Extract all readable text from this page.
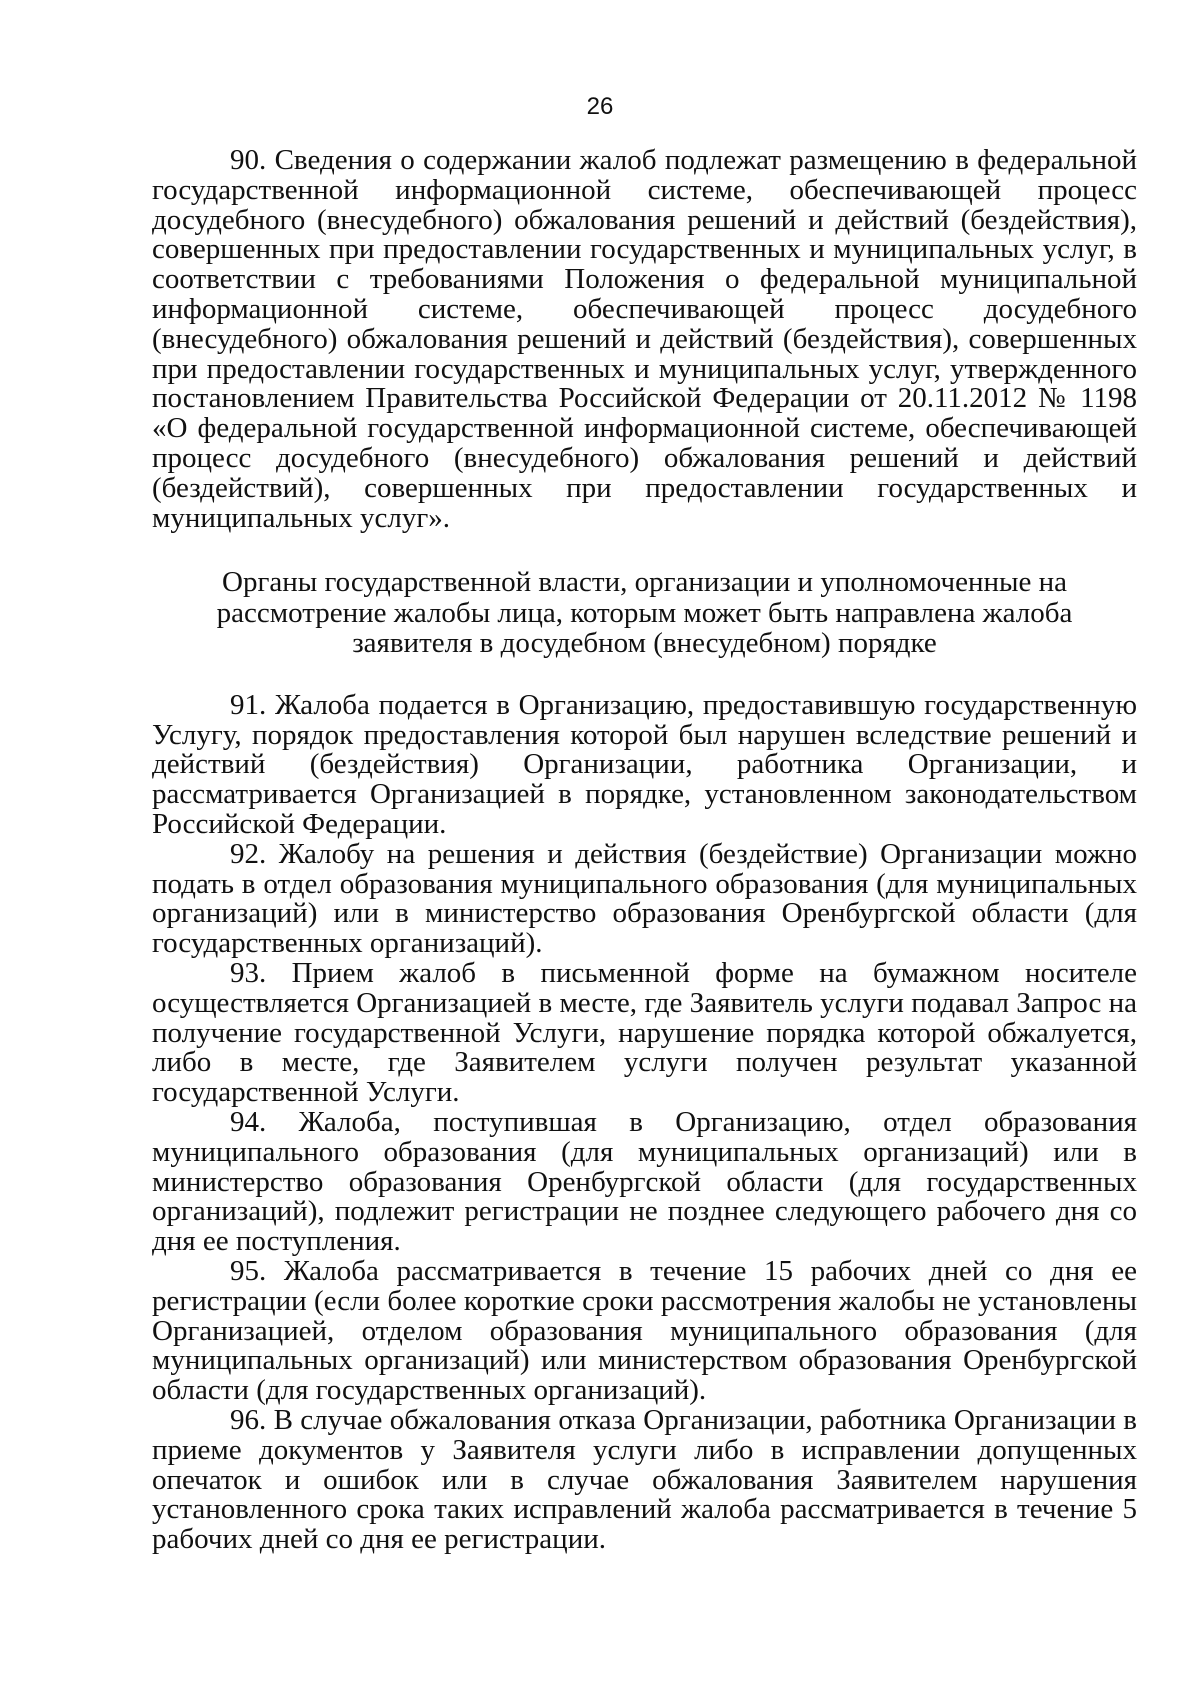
26

90. Сведения о содержании жалоб подлежат размещению в федеральной государственной информационной системе, обеспечивающей процесс досудебного (внесудебного) обжалования решений и действий (бездействия), совершенных при предоставлении государственных и муниципальных услуг, в соответствии с требованиями Положения о федеральной муниципальной информационной системе, обеспечивающей процесс досудебного (внесудебного) обжалования решений и действий (бездействия), совершенных при предоставлении государственных и муниципальных услуг, утвержденного постановлением Правительства Российской Федерации от 20.11.2012 № 1198 «О федеральной государственной информационной системе, обеспечивающей процесс досудебного (внесудебного) обжалования решений и действий (бездействий), совершенных при предоставлении государственных и муниципальных услуг».

Органы государственной власти, организации и уполномоченные на рассмотрение жалобы лица, которым может быть направлена жалоба заявителя в досудебном (внесудебном) порядке

91. Жалоба подается в Организацию, предоставившую государственную Услугу, порядок предоставления которой был нарушен вследствие решений и действий (бездействия) Организации, работника Организации, и рассматривается Организацией в порядке, установленном законодательством Российской Федерации.

92. Жалобу на решения и действия (бездействие) Организации можно подать в отдел образования муниципального образования (для муниципальных организаций) или в министерство образования Оренбургской области (для государственных организаций).

93. Прием жалоб в письменной форме на бумажном носителе осуществляется Организацией в месте, где Заявитель услуги подавал Запрос на получение государственной Услуги, нарушение порядка которой обжалуется, либо в месте, где Заявителем услуги получен результат указанной государственной Услуги.

94. Жалоба, поступившая в Организацию, отдел образования муниципального образования (для муниципальных организаций) или в министерство образования Оренбургской области (для государственных организаций), подлежит регистрации не позднее следующего рабочего дня со дня ее поступления.

95. Жалоба рассматривается в течение 15 рабочих дней со дня ее регистрации (если более короткие сроки рассмотрения жалобы не установлены Организацией, отделом образования муниципального образования (для муниципальных организаций) или министерством образования Оренбургской области (для государственных организаций).

96. В случае обжалования отказа Организации, работника Организации в приеме документов у Заявителя услуги либо в исправлении допущенных опечаток и ошибок или в случае обжалования Заявителем нарушения установленного срока таких исправлений жалоба рассматривается в течение 5 рабочих дней со дня ее регистрации.
